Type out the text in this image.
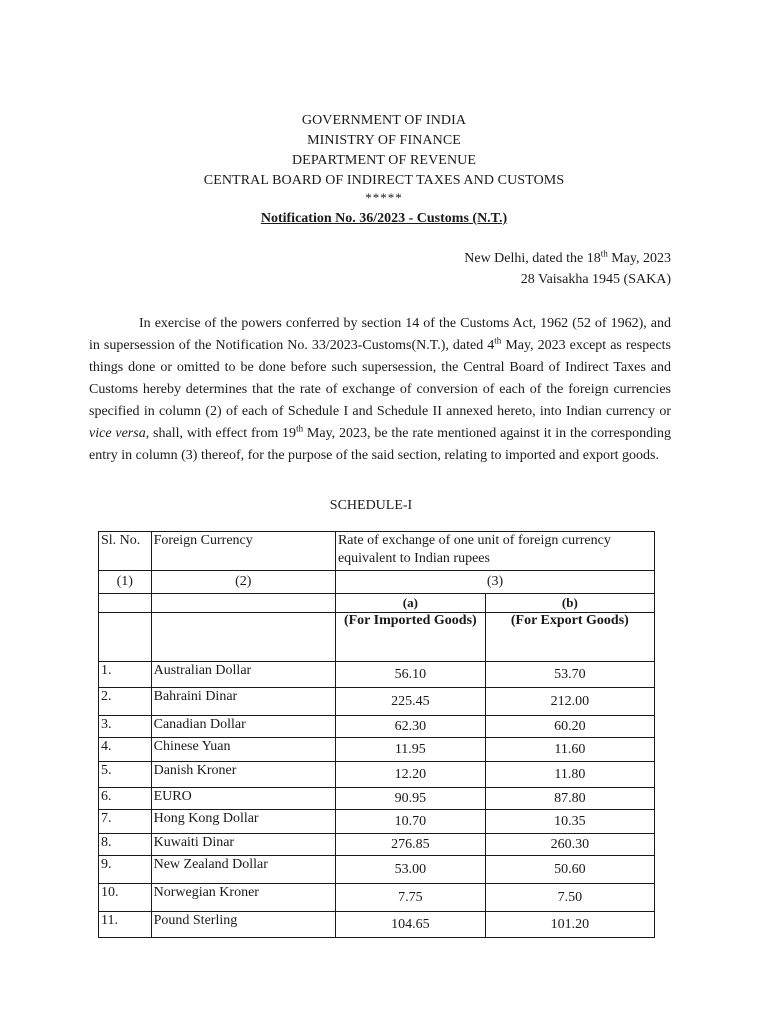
GOVERNMENT OF INDIA
MINISTRY OF FINANCE
DEPARTMENT OF REVENUE
CENTRAL BOARD OF INDIRECT TAXES AND CUSTOMS
*****
Notification No. 36/2023 - Customs (N.T.)
New Delhi, dated the 18th May, 2023
28 Vaisakha 1945 (SAKA)
In exercise of the powers conferred by section 14 of the Customs Act, 1962 (52 of 1962), and in supersession of the Notification No. 33/2023-Customs(N.T.), dated 4th May, 2023 except as respects things done or omitted to be done before such supersession, the Central Board of Indirect Taxes and Customs hereby determines that the rate of exchange of conversion of each of the foreign currencies specified in column (2) of each of Schedule I and Schedule II annexed hereto, into Indian currency or vice versa, shall, with effect from 19th May, 2023, be the rate mentioned against it in the corresponding entry in column (3) thereof, for the purpose of the said section, relating to imported and export goods.
SCHEDULE-I
Sl. No.	Foreign Currency	Rate of exchange of one unit of foreign currency equivalent to Indian rupees	
(1)	(2)	(3)	
		(a)	(b)
		(For Imported Goods)	(For Export Goods)
1.	Australian Dollar	56.10	53.70
2.	Bahraini Dinar	225.45	212.00
3.	Canadian Dollar	62.30	60.20
4.	Chinese Yuan	11.95	11.60
5.	Danish Kroner	12.20	11.80
6.	EURO	90.95	87.80
7.	Hong Kong Dollar	10.70	10.35
8.	Kuwaiti Dinar	276.85	260.30
9.	New Zealand Dollar	53.00	50.60
10.	Norwegian Kroner	7.75	7.50
11.	Pound Sterling	104.65	101.20
